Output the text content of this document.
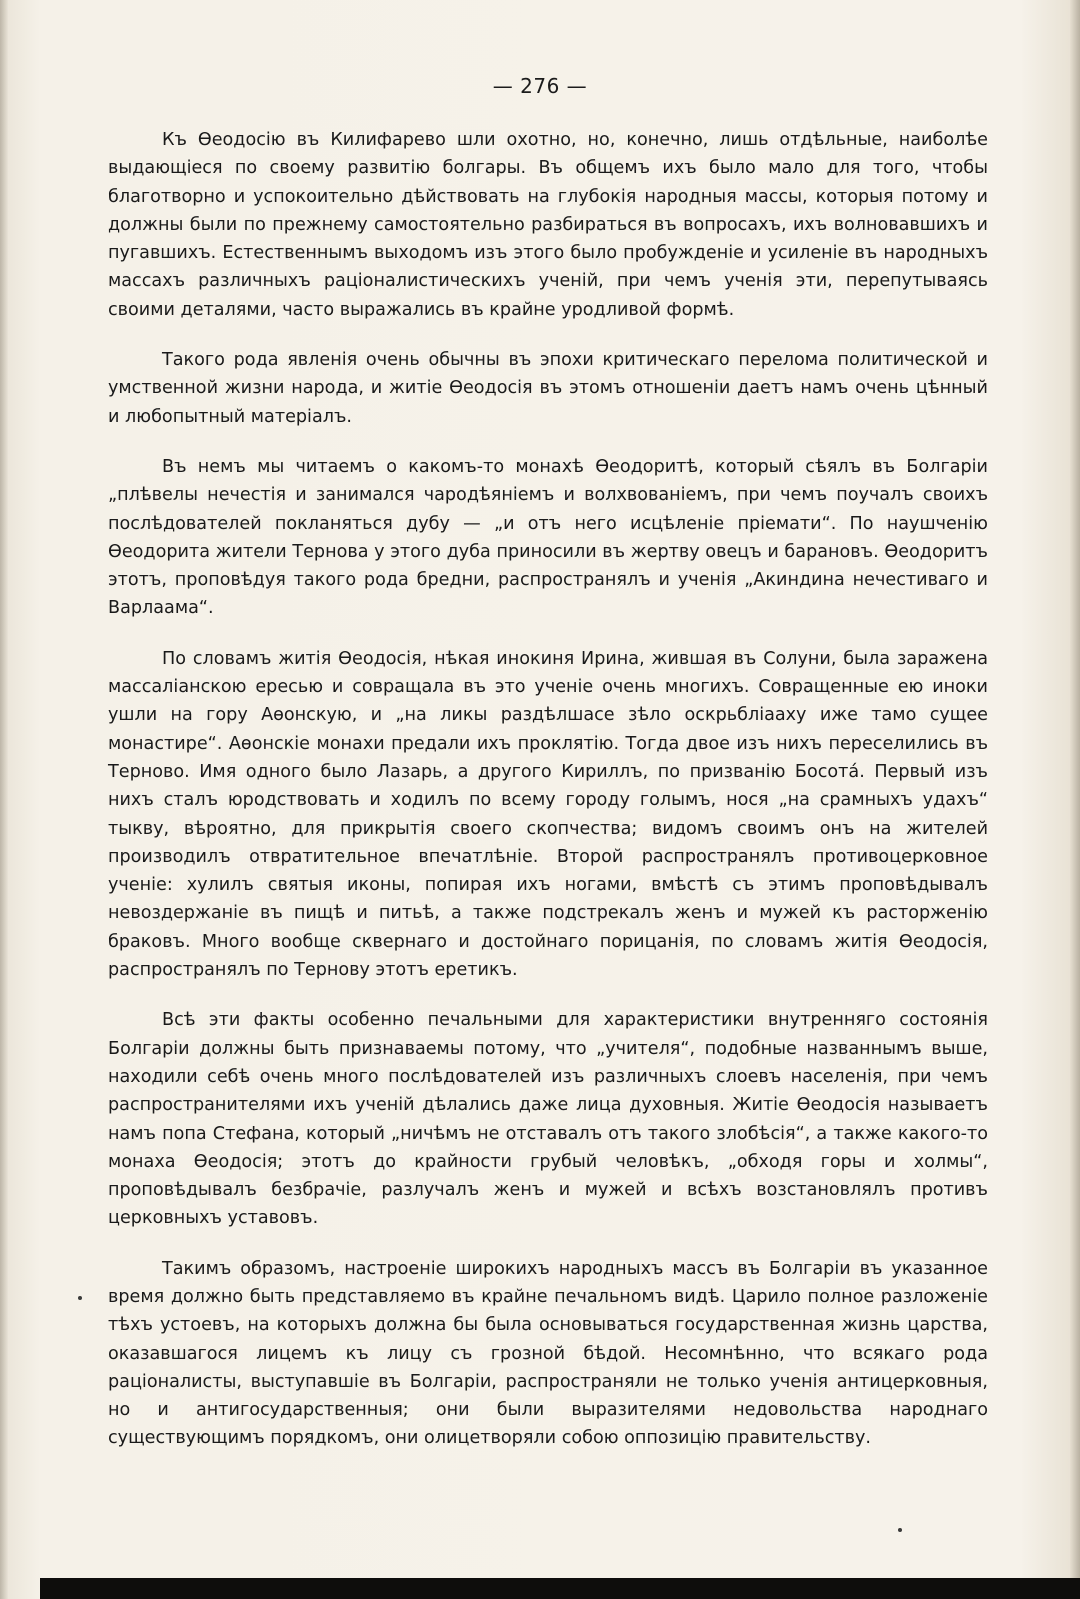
— 276 —

Къ Ѳеодосію въ Килифарево шли охотно, но, конечно, лишь отдѣльные, наиболѣе выдающіеся по своему развитію болгары. Въ общемъ ихъ было мало для того, чтобы благотворно и успокоительно дѣйствовать на глубокія народныя массы, которыя потому и должны были по прежнему самостоятельно разбираться въ вопросахъ, ихъ волновавшихъ и пугавшихъ. Естественнымъ выходомъ изъ этого было пробужденіе и усиленіе въ народныхъ массахъ различныхъ раціоналистическихъ ученій, при чемъ ученія эти, перепутываясь своими деталями, часто выражались въ крайне уродливой формѣ.

Такого рода явленія очень обычны въ эпохи критическаго перелома политической и умственной жизни народа, и житіе Ѳеодосія въ этомъ отношеніи даетъ намъ очень цѣнный и любопытный матеріалъ.

Въ немъ мы читаемъ о какомъ-то монахѣ Ѳеодоритѣ, который сѣялъ въ Болгаріи „плѣвелы нечестія и занимался чародѣяніемъ и волхвованіемъ, при чемъ поучалъ своихъ послѣдователей покланяться дубу — „и отъ него исцѣленіе пріемати“. По наушченію Ѳеодорита жители Тернова у этого дуба приносили въ жертву овецъ и барановъ. Ѳеодоритъ этотъ, проповѣдуя такого рода бредни, распространялъ и ученія „Акиндина нечестиваго и Варлаама“.

По словамъ житія Ѳеодосія, нѣкая инокиня Ирина, жившая въ Солуни, была заражена массаліанскою ересью и совращала въ это ученіе очень многихъ. Совращенные ею иноки ушли на гору Аѳонскую, и „на ликы раздѣлшасе зѣло оскрьбліааху иже тамо сущее монастире“. Аѳонскіе монахи предали ихъ проклятію. Тогда двое изъ нихъ переселились въ Терново. Имя одного было Лазарь, а другого Кириллъ, по призванію Босотá. Первый изъ нихъ сталъ юродствовать и ходилъ по всему городу голымъ, нося „на срамныхъ удахъ“ тыкву, вѣроятно, для прикрытія своего скопчества; видомъ своимъ онъ на жителей производилъ отвратительное впечатлѣніе. Второй распространялъ противоцерковное ученіе: хулилъ святыя иконы, попирая ихъ ногами, вмѣстѣ съ этимъ проповѣдывалъ невоздержаніе въ пищѣ и питьѣ, а также подстрекалъ женъ и мужей къ расторженію браковъ. Много вообще сквернаго и достойнаго порицанія, по словамъ житія Ѳеодосія, распространялъ по Тернову этотъ еретикъ.

Всѣ эти факты особенно печальными для характеристики внутренняго состоянія Болгаріи должны быть признаваемы потому, что „учителя“, подобные названнымъ выше, находили себѣ очень много послѣдователей изъ различныхъ слоевъ населенія, при чемъ распространителями ихъ ученій дѣлались даже лица духовныя. Житіе Ѳеодосія называетъ намъ попа Стефана, который „ничѣмъ не отставалъ отъ такого злобѣсія“, а также какого-то монаха Ѳеодосія; этотъ до крайности грубый человѣкъ, „обходя горы и холмы“, проповѣдывалъ безбрачіе, разлучалъ женъ и мужей и всѣхъ возстановлялъ противъ церковныхъ уставовъ.

Такимъ образомъ, настроеніе широкихъ народныхъ массъ въ Болгаріи въ указанное время должно быть представляемо въ крайне печальномъ видѣ. Царило полное разложеніе тѣхъ устоевъ, на которыхъ должна бы была основываться государственная жизнь царства, оказавшагося лицемъ къ лицу съ грозной бѣдой. Несомнѣнно, что всякаго рода раціоналисты, выступавшіе въ Болгаріи, распространяли не только ученія антицерковныя, но и антигосударственныя; они были выразителями недовольства народнаго существующимъ порядкомъ, они олицетворяли собою оппозицію правительству.
